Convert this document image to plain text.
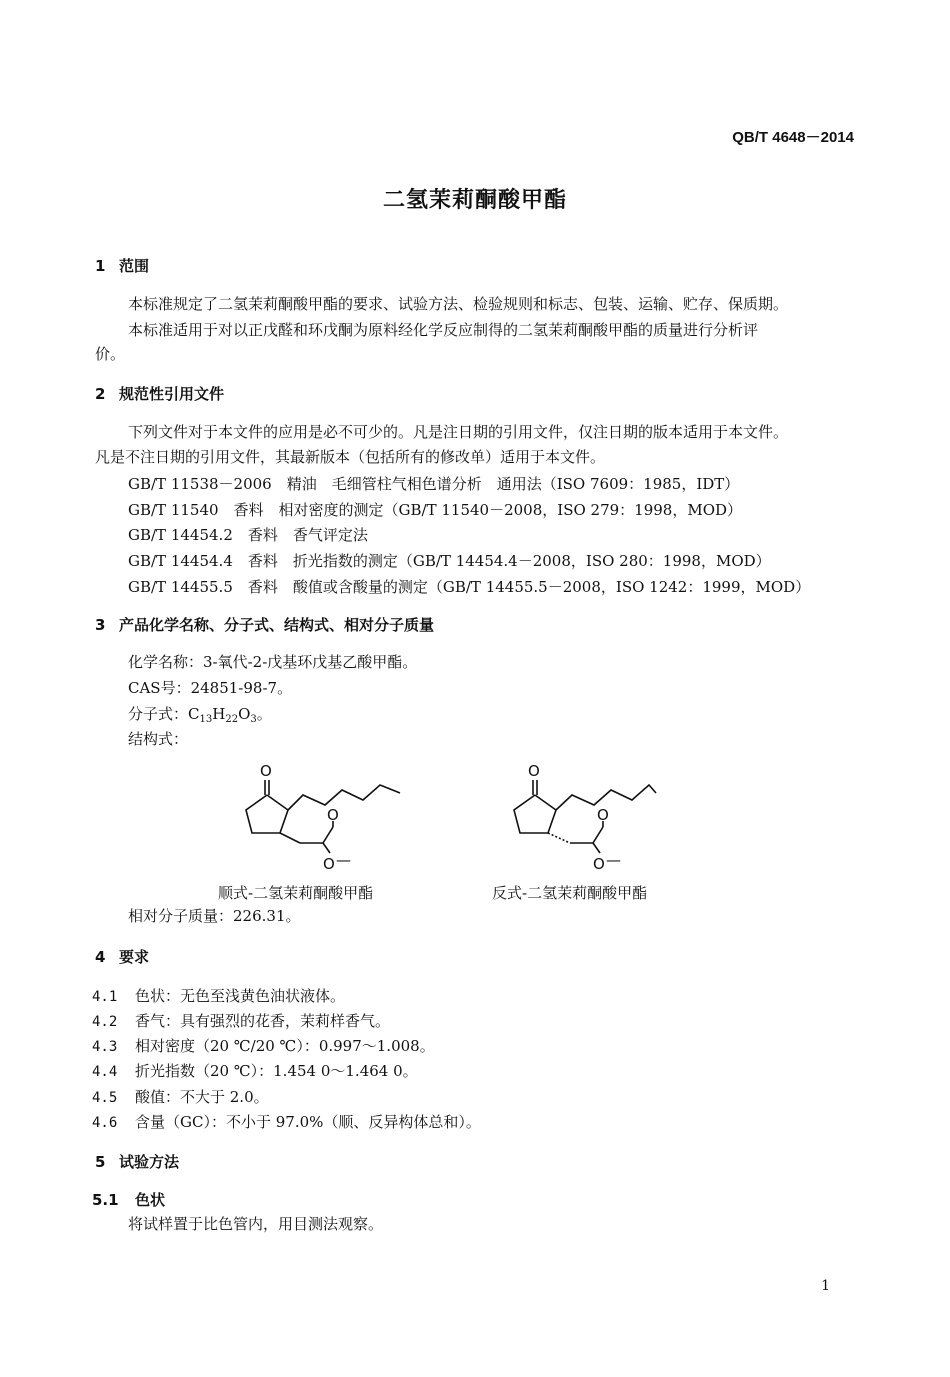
QB/T 4648－2014
二氢茉莉酮酸甲酯
1 范围
本标准规定了二氢茉莉酮酸甲酯的要求、试验方法、检验规则和标志、包装、运输、贮存、保质期。
本标准适用于对以正戊醛和环戊酮为原料经化学反应制得的二氢茉莉酮酸甲酯的质量进行分析评
价。
2 规范性引用文件
下列文件对于本文件的应用是必不可少的。凡是注日期的引用文件，仅注日期的版本适用于本文件。
凡是不注日期的引用文件，其最新版本（包括所有的修改单）适用于本文件。
GB/T 11538－2006　精油　毛细管柱气相色谱分析　通用法（ISO 7609：1985，IDT）
GB/T 11540　香料　相对密度的测定（GB/T 11540－2008，ISO 279：1998，MOD）
GB/T 14454.2　香料　香气评定法
GB/T 14454.4　香料　折光指数的测定（GB/T 14454.4－2008，ISO 280：1998，MOD）
GB/T 14455.5　香料　酸值或含酸量的测定（GB/T 14455.5－2008，ISO 1242：1999，MOD）
3 产品化学名称、分子式、结构式、相对分子质量
化学名称：3-氧代-2-戊基环戊基乙酸甲酯。
CAS号：24851-98-7。
分子式：$C_{13}H_{22}O_3$。
结构式：
O
O
O —
O
O
O —
顺式-二氢茉莉酮酸甲酯	反式-二氢茉莉酮酸甲酯
相对分子质量：226.31。
4 要求
4.1 色状：无色至浅黄色油状液体。
4.2 香气：具有强烈的花香，茉莉样香气。
4.3 相对密度（20 ℃/20 ℃）：0.997～1.008。
4.4 折光指数（20 ℃）：1.454 0～1.464 0。
4.5 酸值：不大于 2.0。
4.6 含量（GC）：不小于 97.0%（顺、反异构体总和）。
5 试验方法
5.1 色状
将试样置于比色管内，用目测法观察。
1
